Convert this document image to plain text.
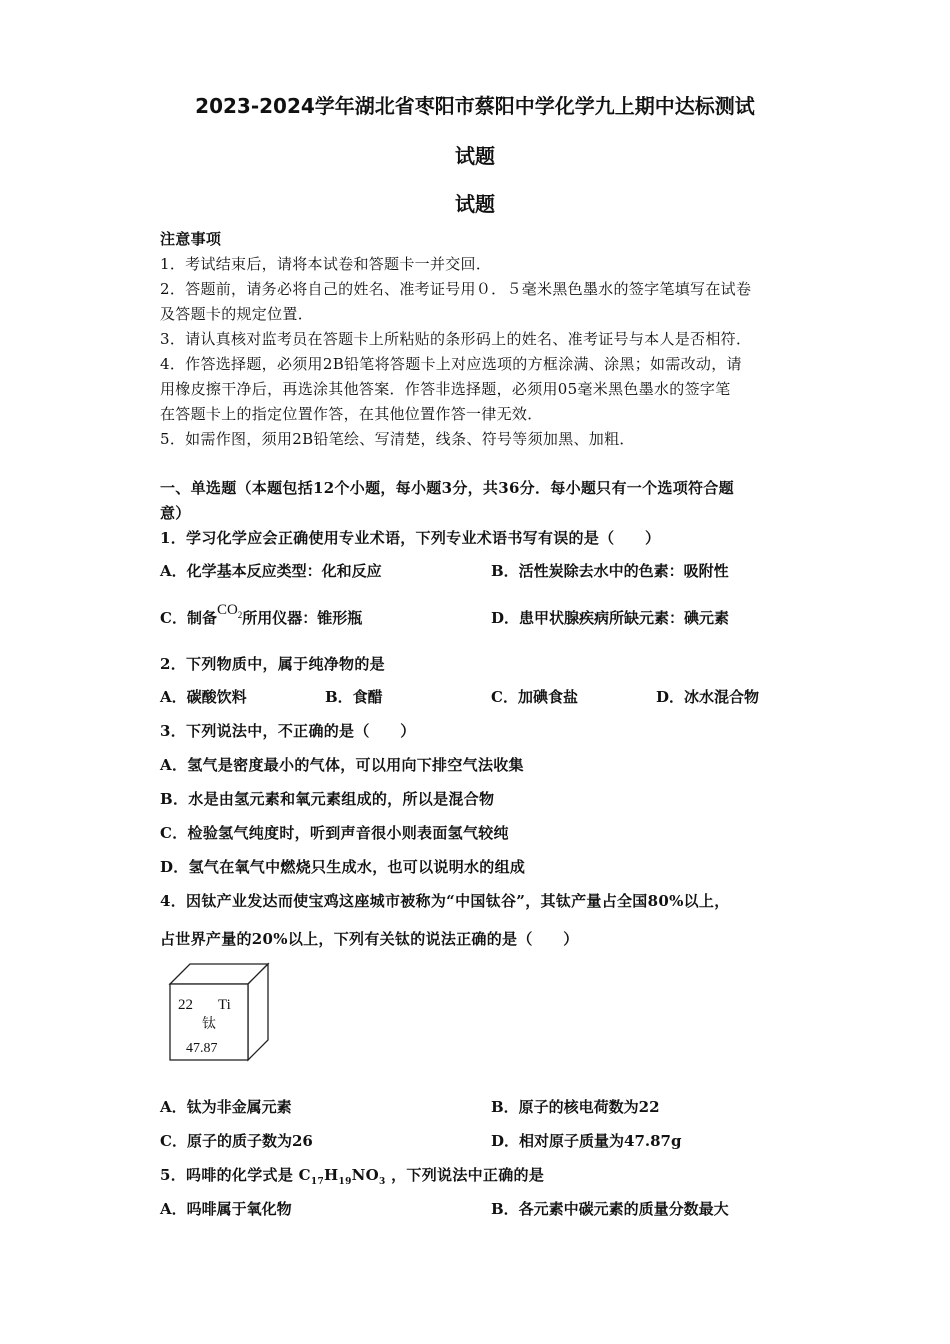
2023-2024学年湖北省枣阳市蔡阳中学化学九上期中达标测试
试题
试题
注意事项
1．考试结束后，请将本试卷和答题卡一并交回．
2．答题前，请务必将自己的姓名、准考证号用０．５毫米黑色墨水的签字笔填写在试卷
及答题卡的规定位置．
3．请认真核对监考员在答题卡上所粘贴的条形码上的姓名、准考证号与本人是否相符．
4．作答选择题，必须用2B铅笔将答题卡上对应选项的方框涂满、涂黑；如需改动，请
用橡皮擦干净后，再选涂其他答案．作答非选择题，必须用05毫米黑色墨水的签字笔
在答题卡上的指定位置作答，在其他位置作答一律无效．
5．如需作图，须用2B铅笔绘、写清楚，线条、符号等须加黑、加粗．
一、单选题（本题包括12个小题，每小题3分，共36分．每小题只有一个选项符合题
意）
1．学习化学应会正确使用专业术语，下列专业术语书写有误的是（　　）
A．化学基本反应类型：化和反应	B．活性炭除去水中的色素：吸附性
C．制备$CO_2$所用仪器：锥形瓶	D．患甲状腺疾病所缺元素：碘元素
2．下列物质中，属于纯净物的是
A．碳酸饮料	B．食醋	C．加碘食盐	D．冰水混合物
3．下列说法中，不正确的是（　　）
A．氢气是密度最小的气体，可以用向下排空气法收集
B．水是由氢元素和氧元素组成的，所以是混合物
C．检验氢气纯度时，听到声音很小则表面氢气较纯
D．氢气在氧气中燃烧只生成水，也可以说明水的组成
4．因钛产业发达而使宝鸡这座城市被称为“中国钛谷”，其钛产量占全国80%以上，
占世界产量的20%以上，下列有关钛的说法正确的是（　　）
22 Ti
钛
47.87
A．钛为非金属元素	B．原子的核电荷数为22
C．原子的质子数为26	D．相对原子质量为47.87g
5．吗啡的化学式是 $C_{17}H_{19}NO_3$ ，下列说法中正确的是
A．吗啡属于氧化物	B．各元素中碳元素的质量分数最大
